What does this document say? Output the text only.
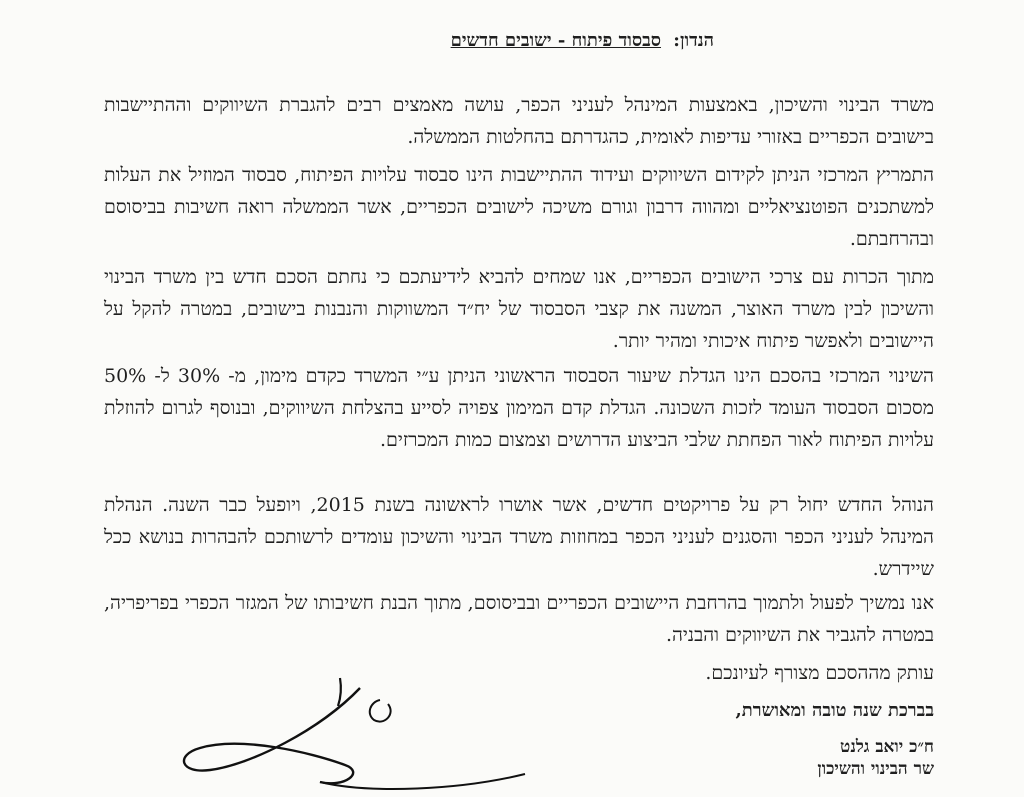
הנדון: סבסוד פיתוח - ישובים חדשים
משרד הבינוי והשיכון, באמצעות המינהל לעניני הכפר, עושה מאמצים רבים להגברת השיווקים וההתיישבות בישובים הכפריים באזורי עדיפות לאומית, כהגדרתם בהחלטות הממשלה.
התמריץ המרכזי הניתן לקידום השיווקים ועידוד ההתיישבות הינו סבסוד עלויות הפיתוח, סבסוד המוזיל את העלות למשתכנים הפוטנציאליים ומהווה דרבון וגורם משיכה לישובים הכפריים, אשר הממשלה רואה חשיבות בביסוסם ובהרחבתם.
מתוך הכרות עם צרכי הישובים הכפריים, אנו שמחים להביא לידיעתכם כי נחתם הסכם חדש בין משרד הבינוי והשיכון לבין משרד האוצר, המשנה את קצבי הסבסוד של יח״ד המשווקות והנבנות בישובים, במטרה להקל על היישובים ולאפשר פיתוח איכותי ומהיר יותר.
השינוי המרכזי בהסכם הינו הגדלת שיעור הסבסוד הראשוני הניתן ע״י המשרד כקדם מימון, מ- 30% ל- 50% מסכום הסבסוד העומד לזכות השכונה. הגדלת קדם המימון צפויה לסייע בהצלחת השיווקים, ובנוסף לגרום להוזלת עלויות הפיתוח לאור הפחתת שלבי הביצוע הדרושים וצמצום כמות המכרזים.
הנוהל החדש יחול רק על פרויקטים חדשים, אשר אושרו לראשונה בשנת 2015, ויופעל כבר השנה. הנהלת המינהל לעניני הכפר והסגנים לעניני הכפר במחוזות משרד הבינוי והשיכון עומדים לרשותכם להבהרות בנושא ככל שיידרש.
אנו נמשיך לפעול ולתמוך בהרחבת היישובים הכפריים ובביסוסם, מתוך הבנת חשיבותו של המגזר הכפרי בפריפריה, במטרה להגביר את השיווקים והבניה.
עותק מההסכם מצורף לעיונכם.
בברכת שנה טובה ומאושרת,
ח״כ יואב גלנט
שר הבינוי והשיכון
